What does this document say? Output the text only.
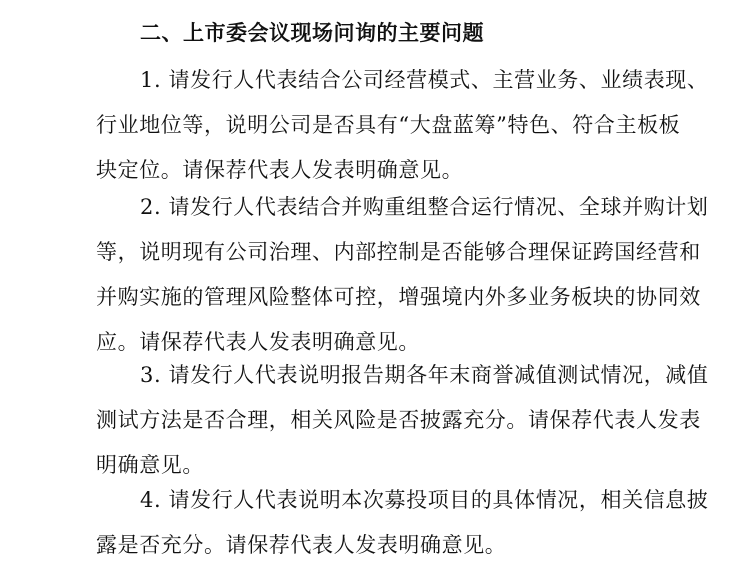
二、上市委会议现场问询的主要问题
1. 请发行人代表结合公司经营模式、主营业务、业绩表现、
行业地位等，说明公司是否具有“大盘蓝筹”特色、符合主板板
块定位。请保荐代表人发表明确意见。
2. 请发行人代表结合并购重组整合运行情况、全球并购计划
等，说明现有公司治理、内部控制是否能够合理保证跨国经营和
并购实施的管理风险整体可控，增强境内外多业务板块的协同效
应。请保荐代表人发表明确意见。
3. 请发行人代表说明报告期各年末商誉减值测试情况，减值
测试方法是否合理，相关风险是否披露充分。请保荐代表人发表
明确意见。
4. 请发行人代表说明本次募投项目的具体情况，相关信息披
露是否充分。请保荐代表人发表明确意见。
